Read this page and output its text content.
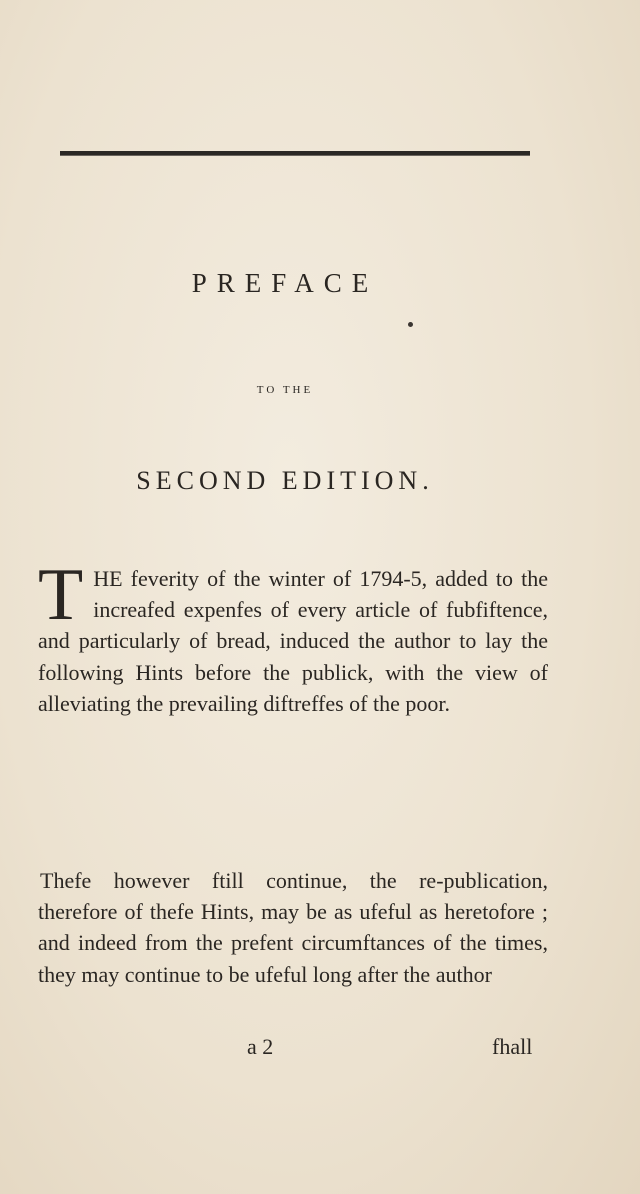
PREFACE

TO THE

SECOND EDITION.
THE feverity of the winter of 1794-5, added to the increafed expenfes of every article of fubfiftence, and particularly of bread, induced the author to lay the following Hints before the publick, with the view of alleviating the prevailing diftreffes of the poor.
Thefe however ftill continue, the re-publication, therefore of thefe Hints, may be as ufeful as heretofore ; and indeed from the prefent circumftances of the times, they may continue to be ufeful long after the author
a 2	fhall
